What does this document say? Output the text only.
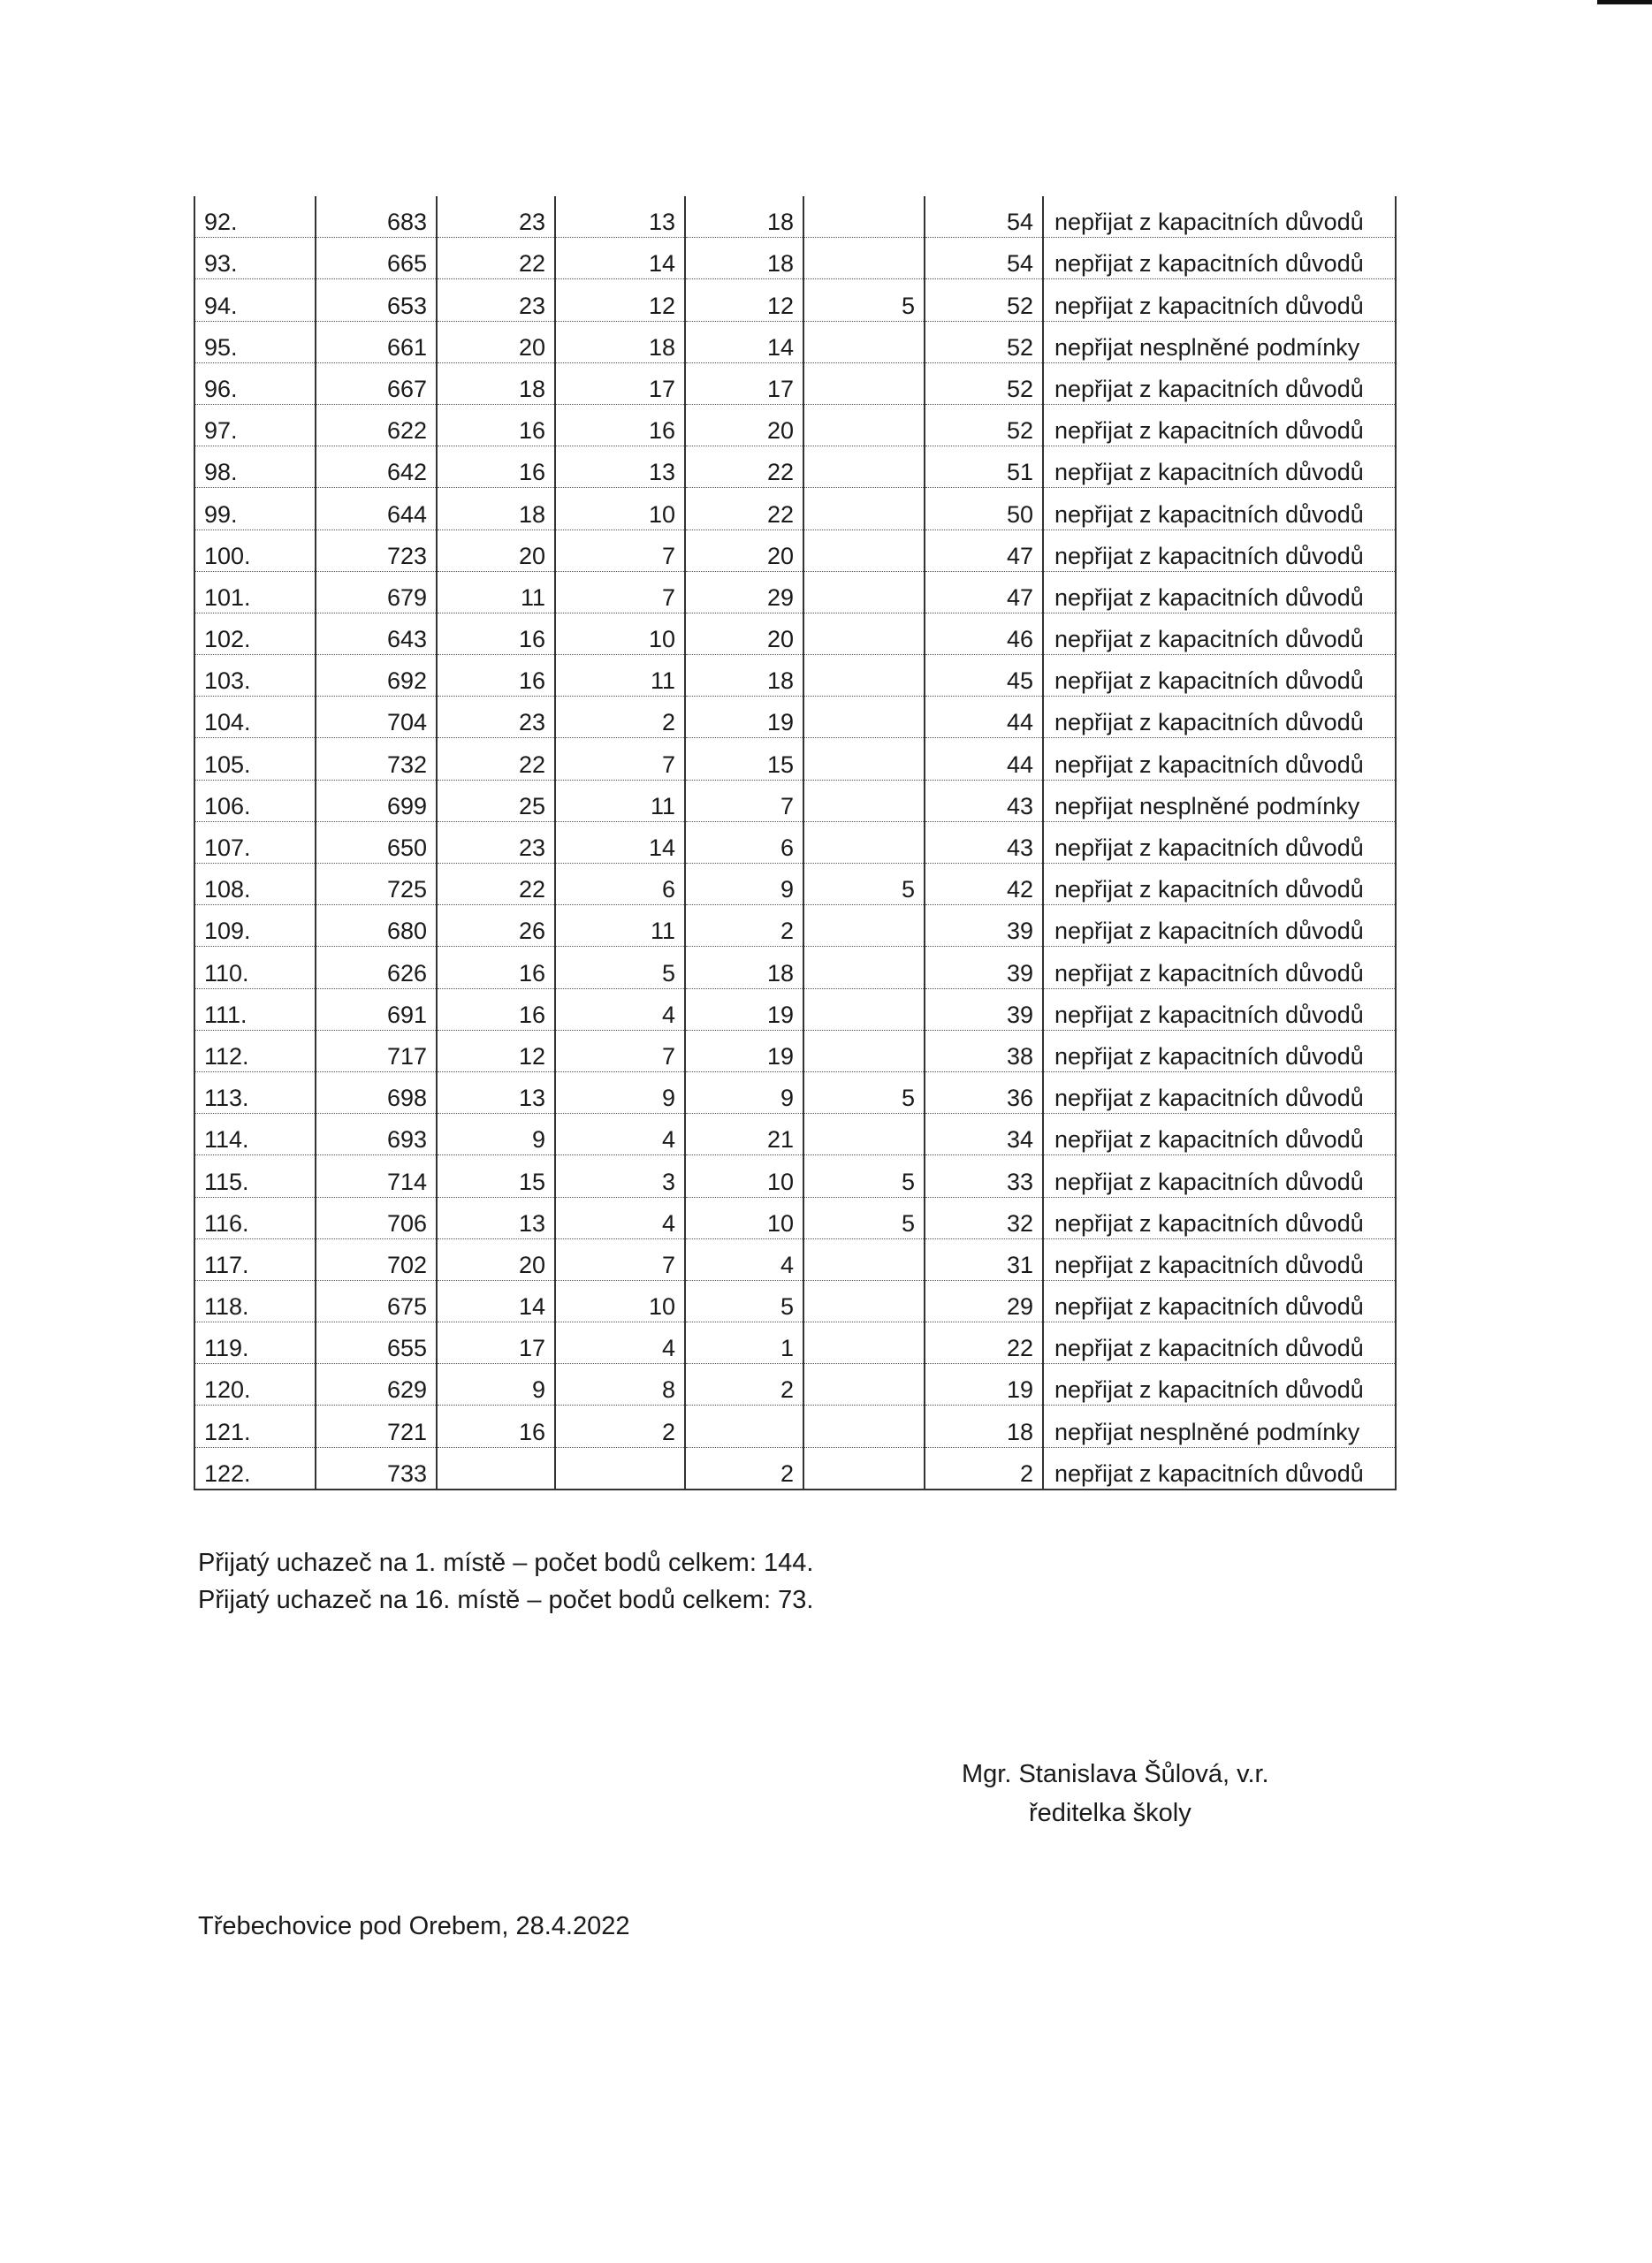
92.	683	23	13	18		54	nepřijat z kapacitních důvodů
93.	665	22	14	18		54	nepřijat z kapacitních důvodů
94.	653	23	12	12	5	52	nepřijat z kapacitních důvodů
95.	661	20	18	14		52	nepřijat nesplněné podmínky
96.	667	18	17	17		52	nepřijat z kapacitních důvodů
97.	622	16	16	20		52	nepřijat z kapacitních důvodů
98.	642	16	13	22		51	nepřijat z kapacitních důvodů
99.	644	18	10	22		50	nepřijat z kapacitních důvodů
100.	723	20	7	20		47	nepřijat z kapacitních důvodů
101.	679	11	7	29		47	nepřijat z kapacitních důvodů
102.	643	16	10	20		46	nepřijat z kapacitních důvodů
103.	692	16	11	18		45	nepřijat z kapacitních důvodů
104.	704	23	2	19		44	nepřijat z kapacitních důvodů
105.	732	22	7	15		44	nepřijat z kapacitních důvodů
106.	699	25	11	7		43	nepřijat nesplněné podmínky
107.	650	23	14	6		43	nepřijat z kapacitních důvodů
108.	725	22	6	9	5	42	nepřijat z kapacitních důvodů
109.	680	26	11	2		39	nepřijat z kapacitních důvodů
110.	626	16	5	18		39	nepřijat z kapacitních důvodů
111.	691	16	4	19		39	nepřijat z kapacitních důvodů
112.	717	12	7	19		38	nepřijat z kapacitních důvodů
113.	698	13	9	9	5	36	nepřijat z kapacitních důvodů
114.	693	9	4	21		34	nepřijat z kapacitních důvodů
115.	714	15	3	10	5	33	nepřijat z kapacitních důvodů
116.	706	13	4	10	5	32	nepřijat z kapacitních důvodů
117.	702	20	7	4		31	nepřijat z kapacitních důvodů
118.	675	14	10	5		29	nepřijat z kapacitních důvodů
119.	655	17	4	1		22	nepřijat z kapacitních důvodů
120.	629	9	8	2		19	nepřijat z kapacitních důvodů
121.	721	16	2			18	nepřijat nesplněné podmínky
122.	733			2		2	nepřijat z kapacitních důvodů

Přijatý uchazeč na 1. místě – počet bodů celkem: 144.

Přijatý uchazeč na 16. místě – počet bodů celkem: 73.

Mgr. Stanislava Šůlová, v.r.

ředitelka školy

Třebechovice pod Orebem, 28.4.2022
